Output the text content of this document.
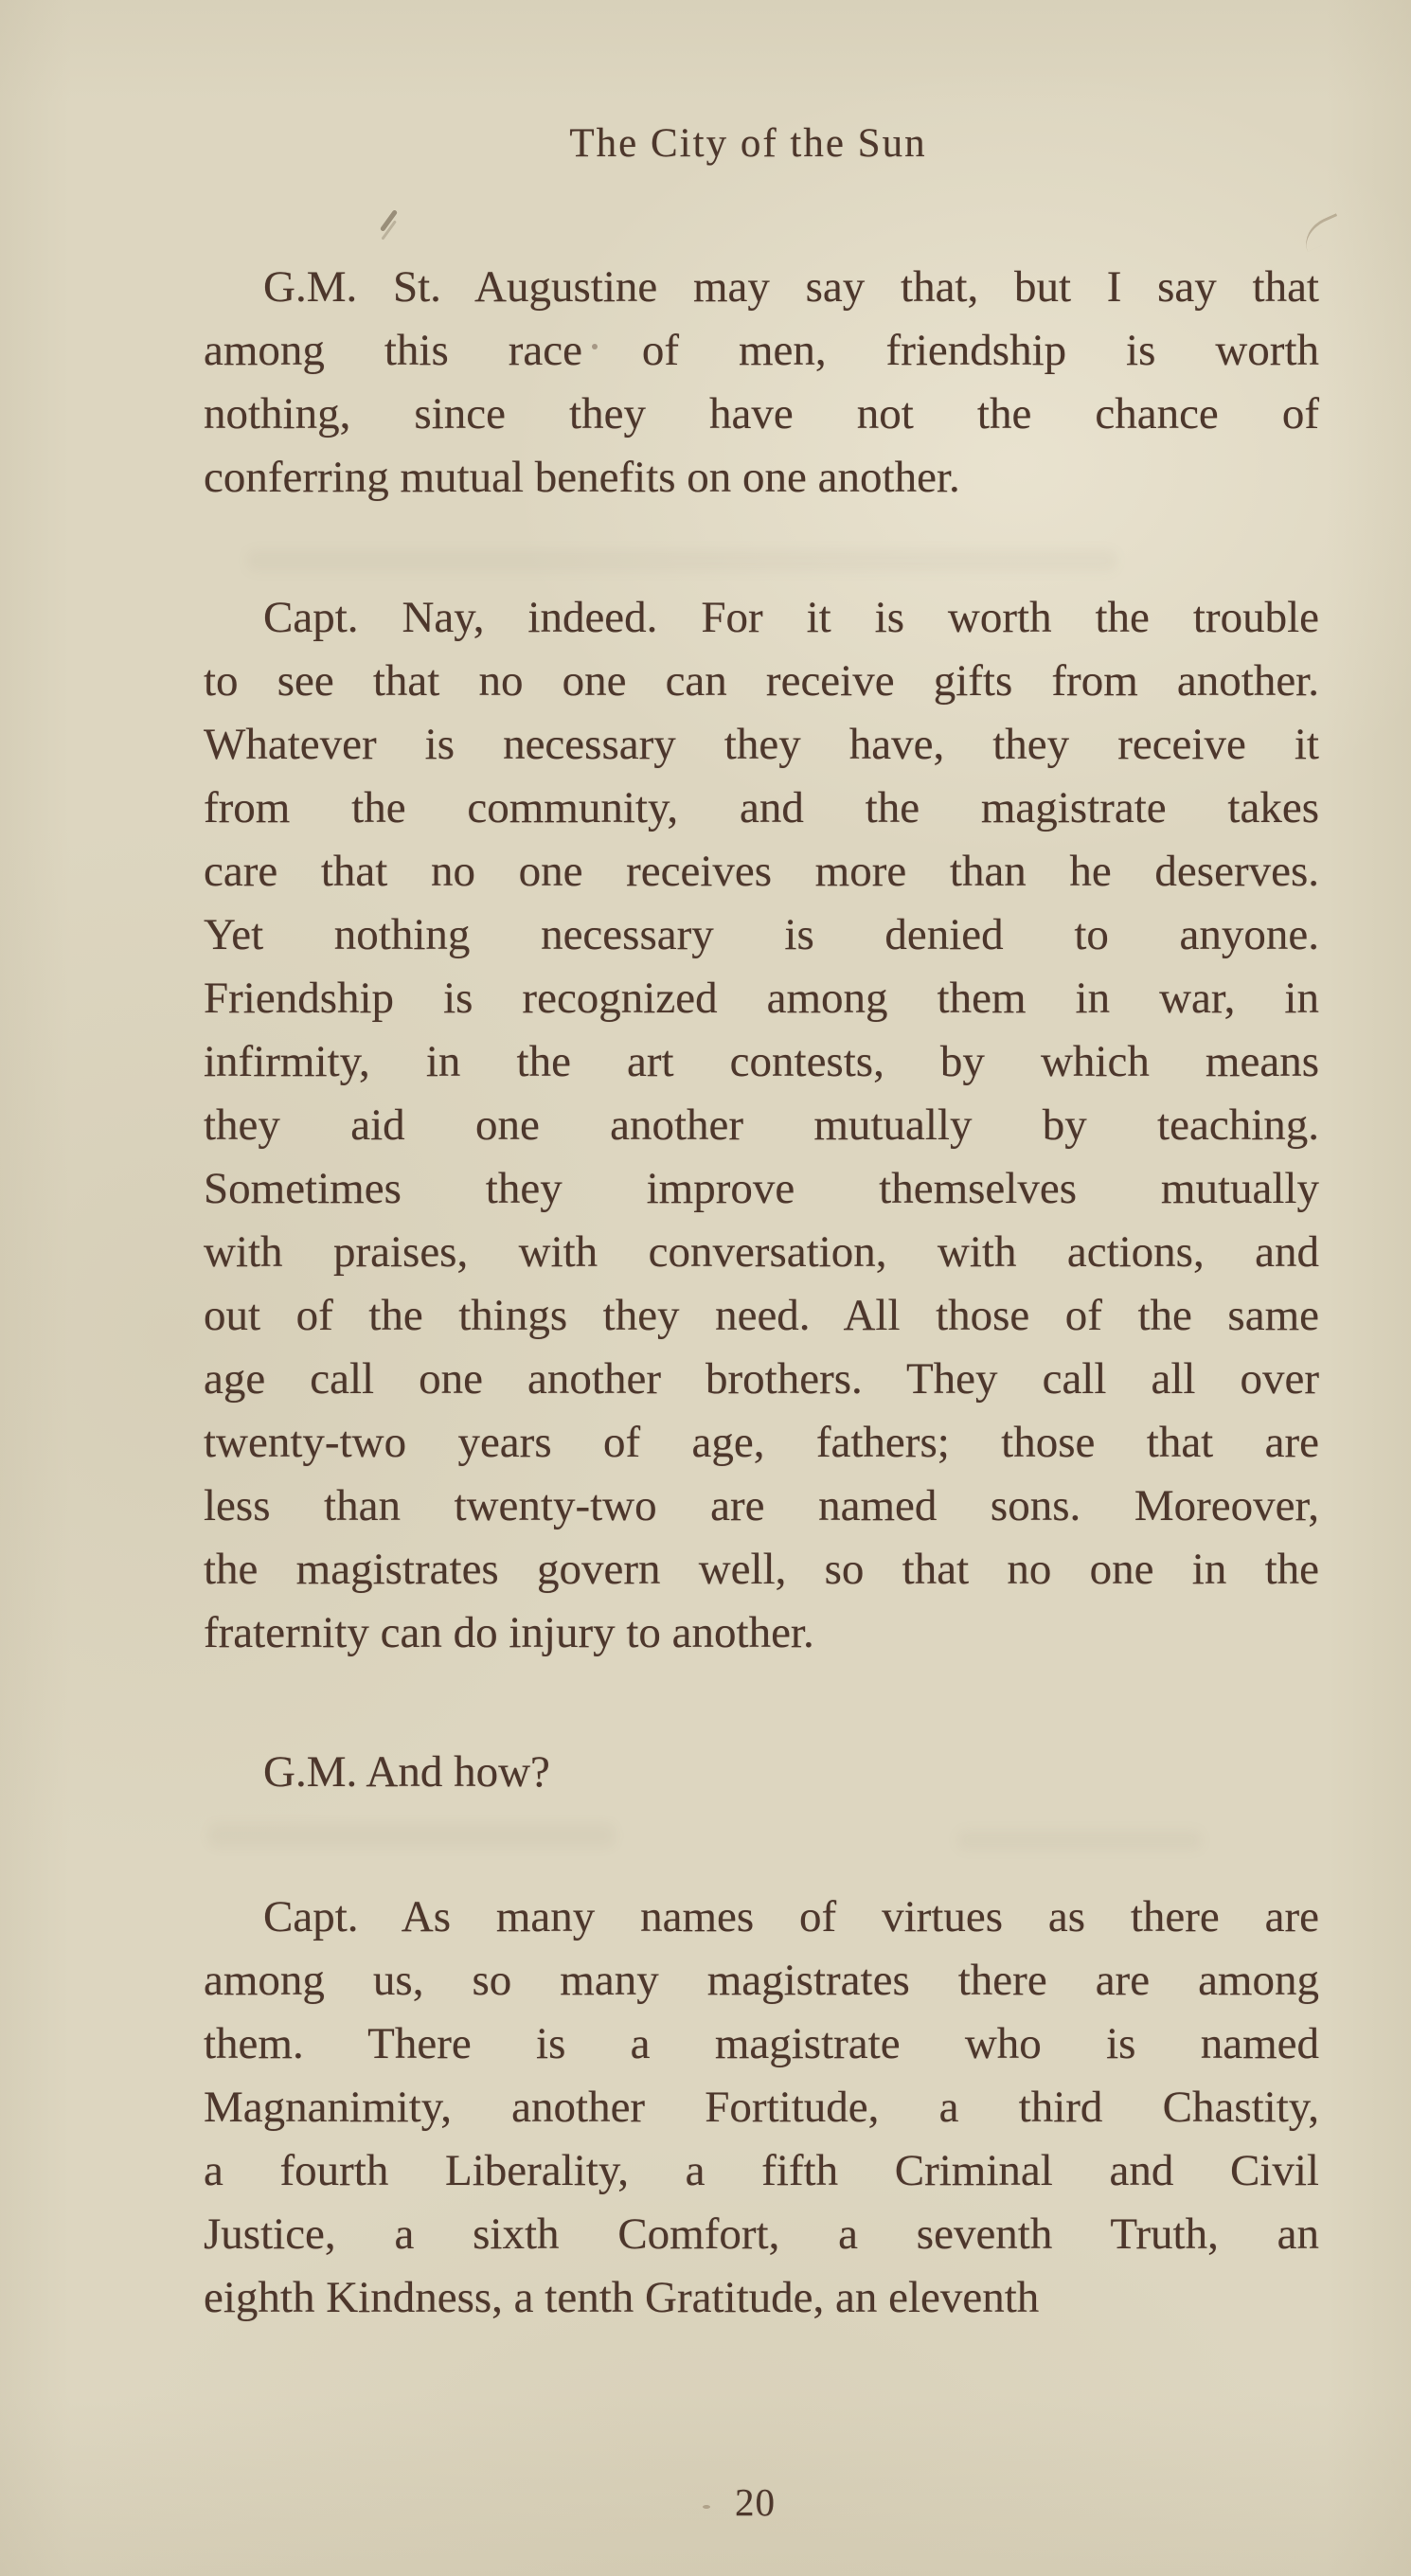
The City of the Sun
G.M. St. Augustine may say that, but I say that
among this race of men, friendship is worth
nothing, since they have not the chance of
conferring mutual benefits on one another.
Capt. Nay, indeed. For it is worth the trouble
to see that no one can receive gifts from another.
Whatever is necessary they have, they receive it
from the community, and the magistrate takes
care that no one receives more than he deserves.
Yet nothing necessary is denied to anyone.
Friendship is recognized among them in war, in
infirmity, in the art contests, by which means
they aid one another mutually by teaching.
Sometimes they improve themselves mutually
with praises, with conversation, with actions, and
out of the things they need. All those of the same
age call one another brothers. They call all over
twenty-two years of age, fathers; those that are
less than twenty-two are named sons. Moreover,
the magistrates govern well, so that no one in the
fraternity can do injury to another.
G.M. And how?
Capt. As many names of virtues as there are
among us, so many magistrates there are among
them. There is a magistrate who is named
Magnanimity, another Fortitude, a third Chastity,
a fourth Liberality, a fifth Criminal and Civil
Justice, a sixth Comfort, a seventh Truth, an
eighth Kindness, a tenth Gratitude, an eleventh
20
